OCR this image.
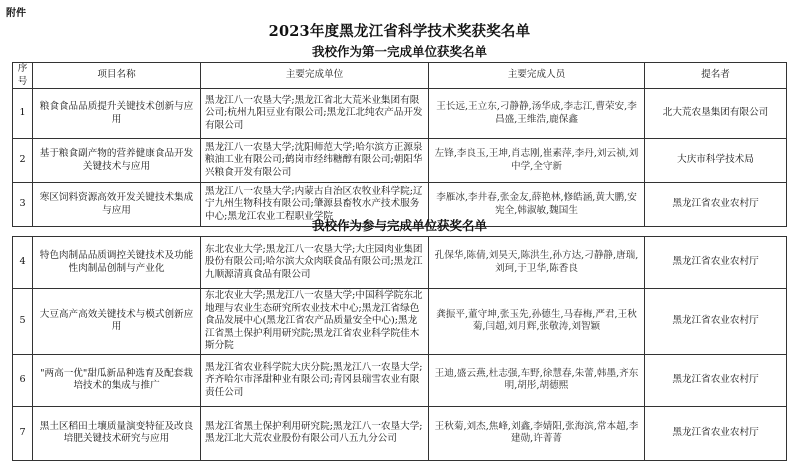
附件
2023年度黑龙江省科学技术奖获奖名单
我校作为第一完成单位获奖名单
序号	项目名称	主要完成单位	主要完成人员	提名者
1	粮食食品品质提升关键技术创新与应用	黑龙江八一农垦大学;黑龙江省北大荒米业集团有限公司;杭州九阳豆业有限公司;黑龙江北纯农产品开发有限公司	王长远,王立东,刁静静,汤华成,李志江,曹荣安,李昌盛,王维浩,鹿保鑫	北大荒农垦集团有限公司
2	基于粮食副产物的营养健康食品开发关键技术与应用	黑龙江八一农垦大学;沈阳师范大学;哈尔滨方正源泉粮油工业有限公司;鹤岗市经纬糖醇有限公司;朝阳华兴粮食开发有限公司	左锋,李良玉,王坤,肖志刚,崔素萍,李丹,刘云祯,刘中学,全守新	大庆市科学技术局
3	寒区饲料资源高效开发关键技术集成与应用	黑龙江八一农垦大学;内蒙古自治区农牧业科学院;辽宁九州生物科技有限公司;肇源县畜牧水产技术服务中心;黑龙江农业工程职业学院	李雁冰,李井春,张金友,薛艳林,修皓涵,黄大鹏,安宪全,韩淑敏,魏国生	黑龙江省农业农村厅
我校作为参与完成单位获奖名单
4	特色肉制品品质调控关键技术及功能性肉制品创制与产业化	东北农业大学;黑龙江八一农垦大学;大庄园肉业集团股份有限公司;哈尔滨大众肉联食品有限公司;黑龙江九顺源清真食品有限公司	孔保华,陈倩,刘昊天,陈洪生,孙方达,刁静静,唐瑞,刘珂,于卫华,陈香良	黑龙江省农业农村厅
5	大豆高产高效关键技术与模式创新应用	东北农业大学;黑龙江八一农垦大学;中国科学院东北地理与农业生态研究所农业技术中心;黑龙江省绿色食品发展中心(黑龙江省农产品质量安全中心);黑龙江省黑土保护利用研究院;黑龙江省农业科学院佳木斯分院	龚振平,董守坤,张玉先,孙德生,马春梅,严君,王秋菊,闫超,刘月辉,张敬涛,刘智颖	黑龙江省农业农村厅
6	"两高一优"甜瓜新品种选育及配套栽培技术的集成与推广	黑龙江省农业科学院大庆分院;黑龙江八一农垦大学;齐齐哈尔市泽甜种业有限公司;青冈县瑞雪农业有限责任公司	王迪,盛云燕,杜志强,车野,徐慧春,朱蕾,韩墨,齐东明,胡彤,胡德熙	黑龙江省农业农村厅
7	黑土区稻田土壤质量演变特征及改良培肥关键技术研究与应用	黑龙江省黑土保护利用研究院;黑龙江八一农垦大学;黑龙江北大荒农业股份有限公司八五九分公司	王秋菊,刘杰,焦峰,刘鑫,李婧阳,张海滨,常本超,李建勋,许菁菁	黑龙江省农业农村厅
